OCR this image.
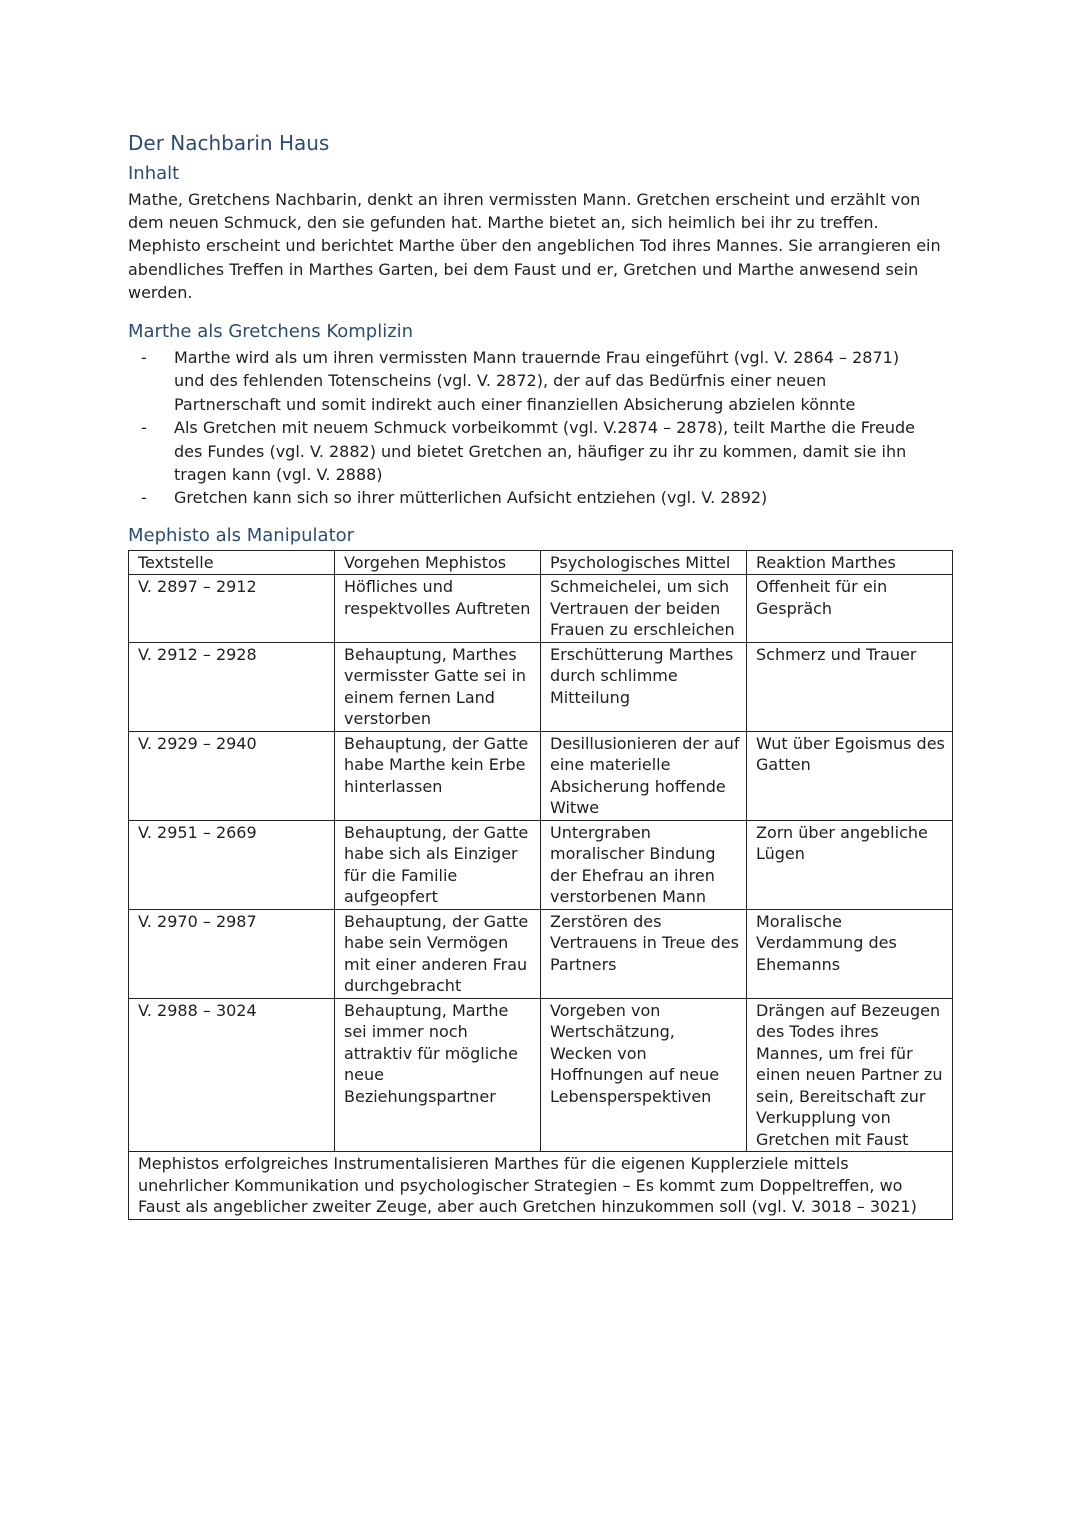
Der Nachbarin Haus
Inhalt

Mathe, Gretchens Nachbarin, denkt an ihren vermissten Mann. Gretchen erscheint und erzählt von dem neuen Schmuck, den sie gefunden hat. Marthe bietet an, sich heimlich bei ihr zu treffen. Mephisto erscheint und berichtet Marthe über den angeblichen Tod ihres Mannes. Sie arrangieren ein abendliches Treffen in Marthes Garten, bei dem Faust und er, Gretchen und Marthe anwesend sein werden.

Marthe als Gretchens Komplizin
- Marthe wird als um ihren vermissten Mann trauernde Frau eingeführt (vgl. V. 2864 – 2871) und des fehlenden Totenscheins (vgl. V. 2872), der auf das Bedürfnis einer neuen Partnerschaft und somit indirekt auch einer finanziellen Absicherung abzielen könnte
- Als Gretchen mit neuem Schmuck vorbeikommt (vgl. V.2874 – 2878), teilt Marthe die Freude des Fundes (vgl. V. 2882) und bietet Gretchen an, häufiger zu ihr zu kommen, damit sie ihn tragen kann (vgl. V. 2888)
- Gretchen kann sich so ihrer mütterlichen Aufsicht entziehen (vgl. V. 2892)
Mephisto als Manipulator
Textstelle	Vorgehen Mephistos	Psychologisches Mittel	Reaktion Marthes
V. 2897 – 2912	Höfliches und respektvolles Auftreten	Schmeichelei, um sich Vertrauen der beiden Frauen zu erschleichen	Offenheit für ein Gespräch
V. 2912 – 2928	Behauptung, Marthes vermisster Gatte sei in einem fernen Land verstorben	Erschütterung Marthes durch schlimme Mitteilung	Schmerz und Trauer
V. 2929 – 2940	Behauptung, der Gatte habe Marthe kein Erbe hinterlassen	Desillusionieren der auf eine materielle Absicherung hoffende Witwe	Wut über Egoismus des Gatten
V. 2951 – 2669	Behauptung, der Gatte habe sich als Einziger für die Familie aufgeopfert	Untergraben moralischer Bindung der Ehefrau an ihren verstorbenen Mann	Zorn über angebliche Lügen
V. 2970 – 2987	Behauptung, der Gatte habe sein Vermögen mit einer anderen Frau durchgebracht	Zerstören des Vertrauens in Treue des Partners	Moralische Verdammung des Ehemanns
V. 2988 – 3024	Behauptung, Marthe sei immer noch attraktiv für mögliche neue Beziehungspartner	Vorgeben von Wertschätzung, Wecken von Hoffnungen auf neue Lebensperspektiven	Drängen auf Bezeugen des Todes ihres Mannes, um frei für einen neuen Partner zu sein, Bereitschaft zur Verkupplung von Gretchen mit Faust
Mephistos erfolgreiches Instrumentalisieren Marthes für die eigenen Kupplerziele mittels unehrlicher Kommunikation und psychologischer Strategien – Es kommt zum Doppeltreffen, wo Faust als angeblicher zweiter Zeuge, aber auch Gretchen hinzukommen soll (vgl. V. 3018 – 3021)			
